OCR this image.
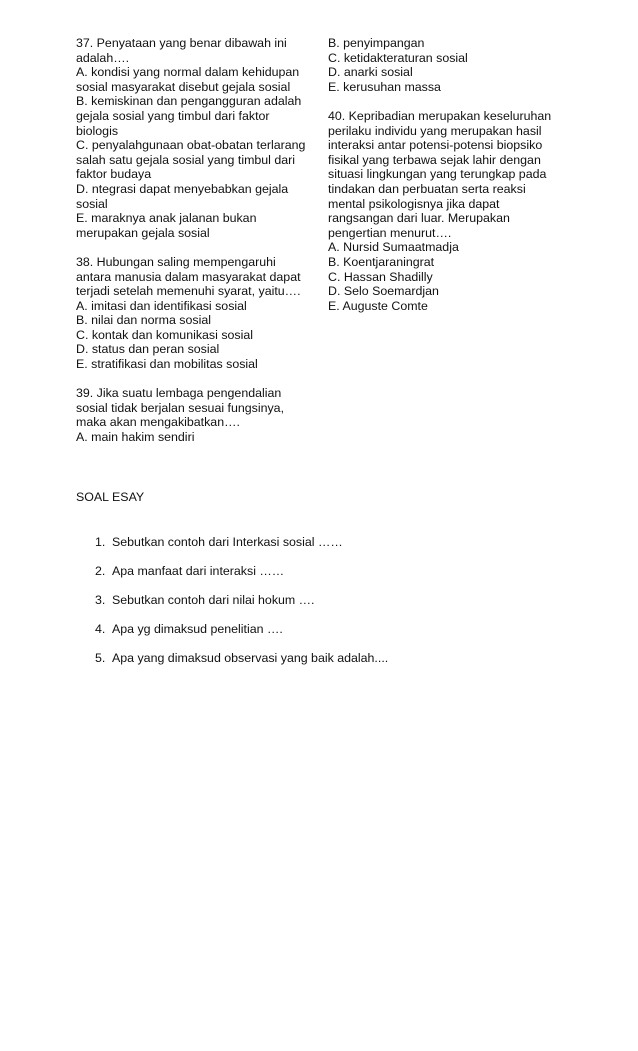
37. Penyataan yang benar dibawah ini
adalah….
A. kondisi yang normal dalam kehidupan
sosial masyarakat disebut gejala sosial
B. kemiskinan dan pengangguran adalah
gejala sosial yang timbul dari faktor
biologis
C. penyalahgunaan obat-obatan terlarang
salah satu gejala sosial yang timbul dari
faktor budaya
D. ntegrasi dapat menyebabkan gejala
sosial
E. maraknya anak jalanan bukan
merupakan gejala sosial
38. Hubungan saling mempengaruhi
antara manusia dalam masyarakat dapat
terjadi setelah memenuhi syarat, yaitu….
A. imitasi dan identifikasi sosial
B. nilai dan norma sosial
C. kontak dan komunikasi sosial
D. status dan peran sosial
E. stratifikasi dan mobilitas sosial
39. Jika suatu lembaga pengendalian
sosial tidak berjalan sesuai fungsinya,
maka akan mengakibatkan….
A. main hakim sendiri
B. penyimpangan
C. ketidakteraturan sosial
D. anarki sosial
E. kerusuhan massa
40. Kepribadian merupakan keseluruhan
perilaku individu yang merupakan hasil
interaksi antar potensi-potensi biopsiko
fisikal yang terbawa sejak lahir dengan
situasi lingkungan yang terungkap pada
tindakan dan perbuatan serta reaksi
mental psikologisnya jika dapat
rangsangan dari luar. Merupakan
pengertian menurut….
A. Nursid Sumaatmadja
B. Koentjaraningrat
C. Hassan Shadilly
D. Selo Soemardjan
E. Auguste Comte
SOAL ESAY
1. Sebutkan contoh dari Interkasi sosial ……
2. Apa manfaat dari interaksi ……
3. Sebutkan contoh dari nilai hokum ….
4. Apa yg dimaksud penelitian ….
5. Apa yang dimaksud observasi yang baik adalah....
